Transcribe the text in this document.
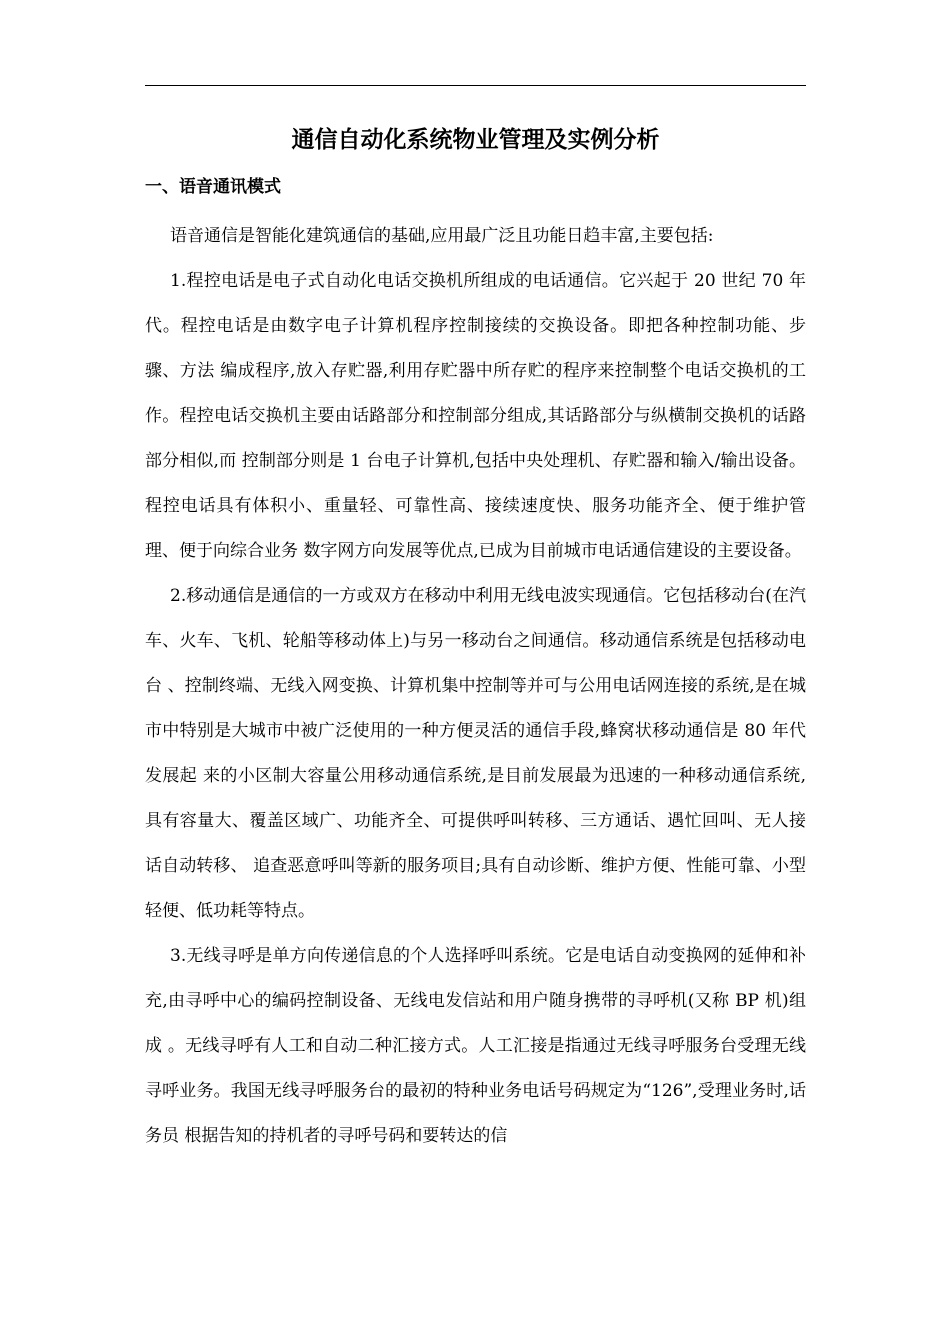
通信自动化系统物业管理及实例分析
一、语音通讯模式

语音通信是智能化建筑通信的基础,应用最广泛且功能日趋丰富,主要包括:

1.程控电话是电子式自动化电话交换机所组成的电话通信。它兴起于 20 世纪 70 年代。程控电话是由数字电子计算机程序控制接续的交换设备。即把各种控制功能、步骤、方法 编成程序,放入存贮器,利用存贮器中所存贮的程序来控制整个电话交换机的工作。程控电话交换机主要由话路部分和控制部分组成,其话路部分与纵横制交换机的话路部分相似,而 控制部分则是 1 台电子计算机,包括中央处理机、存贮器和输入/输出设备。程控电话具有体积小、重量轻、可靠性高、接续速度快、服务功能齐全、便于维护管理、便于向综合业务 数字网方向发展等优点,已成为目前城市电话通信建设的主要设备。

2.移动通信是通信的一方或双方在移动中利用无线电波实现通信。它包括移动台(在汽车、火车、飞机、轮船等移动体上)与另一移动台之间通信。移动通信系统是包括移动电台 、控制终端、无线入网变换、计算机集中控制等并可与公用电话网连接的系统,是在城市中特别是大城市中被广泛使用的一种方便灵活的通信手段,蜂窝状移动通信是 80 年代发展起 来的小区制大容量公用移动通信系统,是目前发展最为迅速的一种移动通信系统,具有容量大、覆盖区域广、功能齐全、可提供呼叫转移、三方通话、遇忙回叫、无人接话自动转移、 追查恶意呼叫等新的服务项目;具有自动诊断、维护方便、性能可靠、小型轻便、低功耗等特点。

3.无线寻呼是单方向传递信息的个人选择呼叫系统。它是电话自动变换网的延伸和补充,由寻呼中心的编码控制设备、无线电发信站和用户随身携带的寻呼机(又称 BP 机)组成 。无线寻呼有人工和自动二种汇接方式。人工汇接是指通过无线寻呼服务台受理无线寻呼业务。我国无线寻呼服务台的最初的特种业务电话号码规定为“126”,受理业务时,话务员 根据告知的持机者的寻呼号码和要转达的信
